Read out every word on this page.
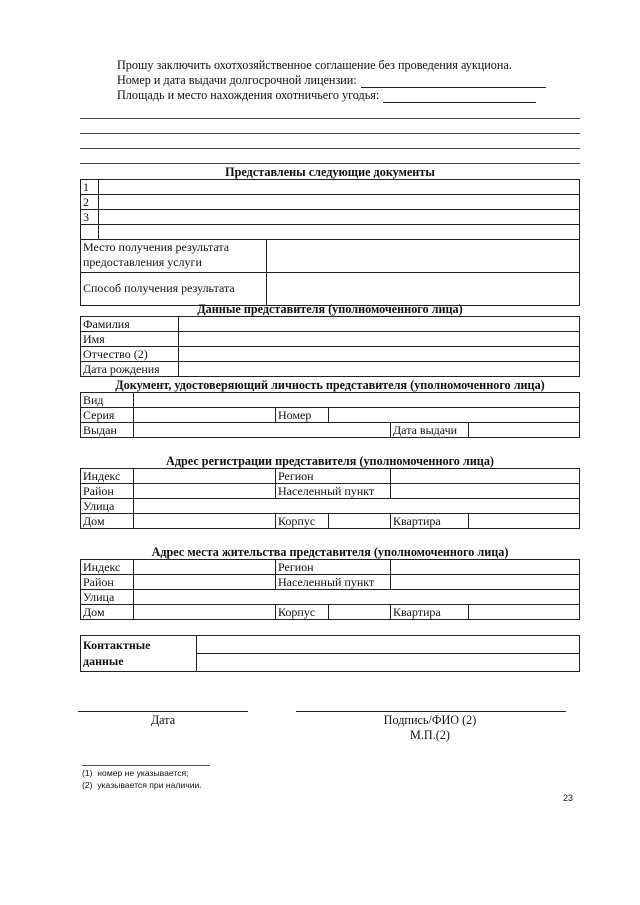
Прошу заключить охотхозяйственное соглашение без проведения аукциона.
Номер и дата выдачи долгосрочной лицензии:
Площадь и место нахождения охотничьего угодья:
Представлены следующие документы
1		
2		
3		

Место получения результата предоставления услуги		
Способ получения результата		
Данные представителя (уполномоченного лица)
Фамилия	
Имя	
Отчество (2)	
Дата рождения	
Документ, удостоверяющий личность представителя (уполномоченного лица)
Вид					
Серия		Номер			
Выдан				Дата выдачи	
Адрес регистрации представителя (уполномоченного лица)
Индекс		Регион			
Район		Населенный пункт			
Улица					
Дом		Корпус		Квартира	
Адрес места жительства представителя (уполномоченного лица)
Индекс		Регион			
Район		Населенный пункт			
Улица					
Дом		Корпус		Квартира	
Контактные данные	

Дата	Подпись/ФИО (2)
М.П.(2)
(1) номер не указывается;
(2) указывается при наличии.
23
